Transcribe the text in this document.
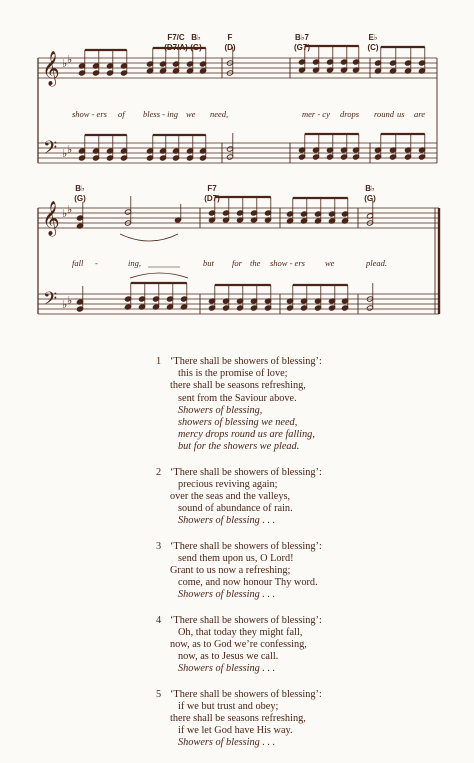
𝄞
𝄢
♭ ♭
♭ ♭
𝄞
𝄢
♭ ♭
♭ ♭
F7/C
(D7/A)
B♭
(G)
F
(D)
B♭7
(G7)
E♭
(C)
show - ers of bless - ing we need,	mer - cy drops round us are
B♭
(G)
F7
(D7)
B♭
(G)
fall -	ing,	but for the show - ers we	plead.
1 ‘There shall be showers of blessing’:
this is the promise of love;
there shall be seasons refreshing,
sent from the Saviour above.
Showers of blessing,
showers of blessing we need,
mercy drops round us are falling,
but for the showers we plead.
2 ‘There shall be showers of blessing’:
precious reviving again;
over the seas and the valleys,
sound of abundance of rain.
Showers of blessing . . .
3 ‘There shall be showers of blessing’:
send them upon us, O Lord!
Grant to us now a refreshing;
come, and now honour Thy word.
Showers of blessing . . .
4 ‘There shall be showers of blessing’:
Oh, that today they might fall,
now, as to God we’re confessing,
now, as to Jesus we call.
Showers of blessing . . .
5 ‘There shall be showers of blessing’:
if we but trust and obey;
there shall be seasons refreshing,
if we let God have His way.
Showers of blessing . . .
